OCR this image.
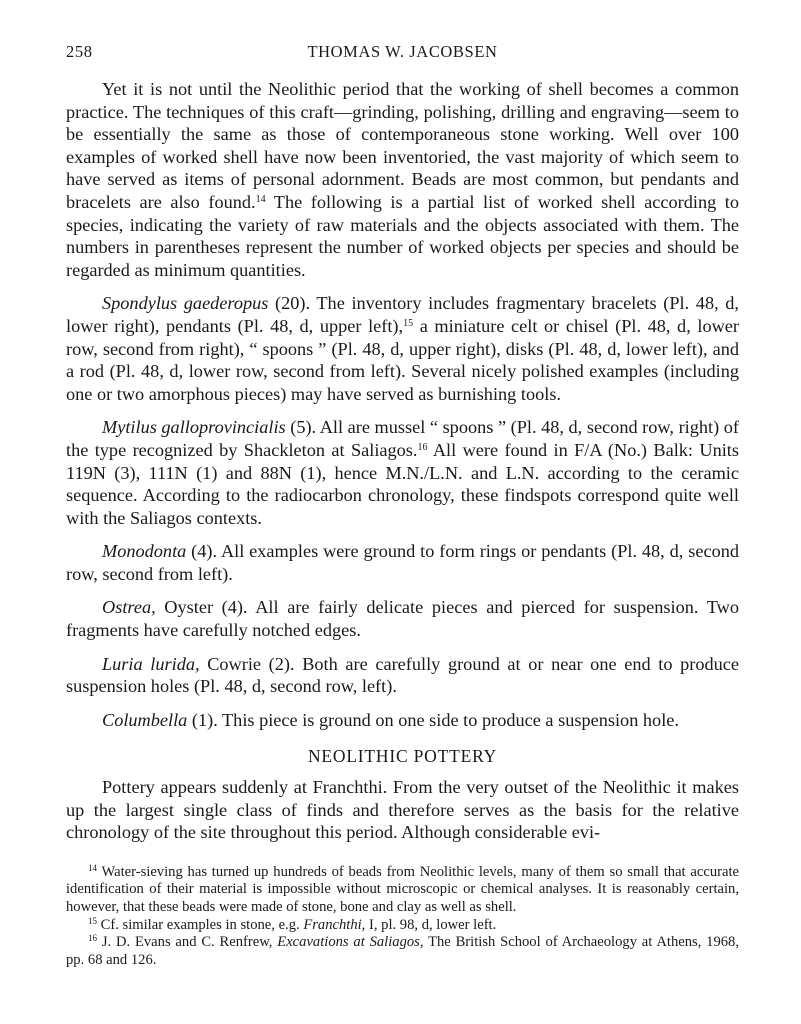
258	THOMAS W. JACOBSEN

Yet it is not until the Neolithic period that the working of shell becomes a common practice. The techniques of this craft—grinding, polishing, drilling and engraving—seem to be essentially the same as those of contemporaneous stone working. Well over 100 examples of worked shell have now been inventoried, the vast majority of which seem to have served as items of personal adornment. Beads are most common, but pendants and bracelets are also found.$^{14}$ The following is a partial list of worked shell according to species, indicating the variety of raw materials and the objects associated with them. The numbers in parentheses represent the number of worked objects per species and should be regarded as minimum quantities.

Spondylus gaederopus (20). The inventory includes fragmentary bracelets (Pl. 48, d, lower right), pendants (Pl. 48, d, upper left),$^{15}$ a miniature celt or chisel (Pl. 48, d, lower row, second from right), “ spoons ” (Pl. 48, d, upper right), disks (Pl. 48, d, lower left), and a rod (Pl. 48, d, lower row, second from left). Several nicely polished examples (including one or two amorphous pieces) may have served as burnishing tools.

Mytilus galloprovincialis (5). All are mussel “ spoons ” (Pl. 48, d, second row, right) of the type recognized by Shackleton at Saliagos.$^{16}$ All were found in F/A (No.) Balk: Units 119N (3), 111N (1) and 88N (1), hence M.N./L.N. and L.N. according to the ceramic sequence. According to the radiocarbon chronology, these findspots correspond quite well with the Saliagos contexts.

Monodonta (4). All examples were ground to form rings or pendants (Pl. 48, d, second row, second from left).

Ostrea, Oyster (4). All are fairly delicate pieces and pierced for suspension. Two fragments have carefully notched edges.

Luria lurida, Cowrie (2). Both are carefully ground at or near one end to produce suspension holes (Pl. 48, d, second row, left).

Columbella (1). This piece is ground on one side to produce a suspension hole.

NEOLITHIC POTTERY

Pottery appears suddenly at Franchthi. From the very outset of the Neolithic it makes up the largest single class of finds and therefore serves as the basis for the relative chronology of the site throughout this period. Although considerable evi-

$^{14}$ Water-sieving has turned up hundreds of beads from Neolithic levels, many of them so small that accurate identification of their material is impossible without microscopic or chemical analyses. It is reasonably certain, however, that these beads were made of stone, bone and clay as well as shell.

$^{15}$ Cf. similar examples in stone, e.g. Franchthi, I, pl. 98, d, lower left.

$^{16}$ J. D. Evans and C. Renfrew, Excavations at Saliagos, The British School of Archaeology at Athens, 1968, pp. 68 and 126.
